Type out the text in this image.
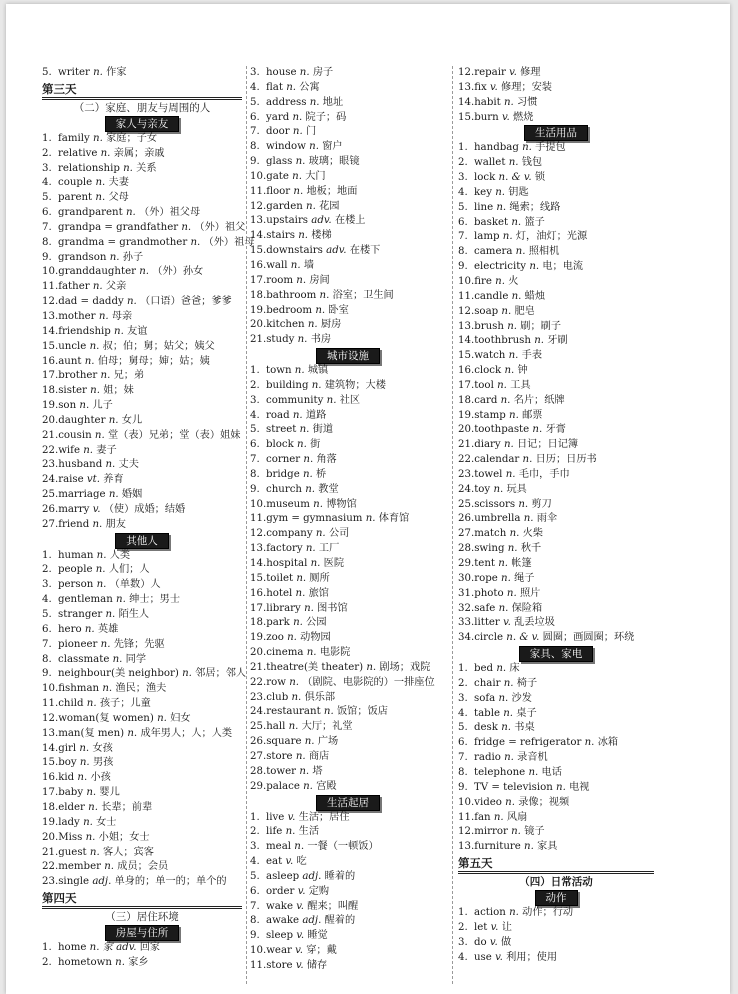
5. writer n. 作家
第三天
（二）家庭、朋友与周围的人
家人与亲友
1. family n. 家庭；子女
2. relative n. 亲属；亲戚
3. relationship n. 关系
4. couple n. 夫妻
5. parent n. 父母
6. grandparent n. （外）祖父母
7. grandpa = grandfather n. （外）祖父
8. grandma = grandmother n. （外）祖母
9. grandson n. 孙子
10.granddaughter n. （外）孙女
11.father n. 父亲
12.dad = daddy n. （口语）爸爸；爹爹
13.mother n. 母亲
14.friendship n. 友谊
15.uncle n. 叔；伯；舅；姑父；姨父
16.aunt n. 伯母；舅母；婶；姑；姨
17.brother n. 兄；弟
18.sister n. 姐；妹
19.son n. 儿子
20.daughter n. 女儿
21.cousin n. 堂（表）兄弟；堂（表）姐妹
22.wife n. 妻子
23.husband n. 丈夫
24.raise vt. 养育
25.marriage n. 婚姻
26.marry v. （使）成婚；结婚
27.friend n. 朋友
其他人
1. human n. 人类
2. people n. 人们；人
3. person n. （单数）人
4. gentleman n. 绅士；男士
5. stranger n. 陌生人
6. hero n. 英雄
7. pioneer n. 先锋；先驱
8. classmate n. 同学
9. neighbour(美 neighbor) n. 邻居；邻人
10.fishman n. 渔民；渔夫
11.child n. 孩子；儿童
12.woman(复 women) n. 妇女
13.man(复 men) n. 成年男人；人；人类
14.girl n. 女孩
15.boy n. 男孩
16.kid n. 小孩
17.baby n. 婴儿
18.elder n. 长辈；前辈
19.lady n. 女士
20.Miss n. 小姐；女士
21.guest n. 客人；宾客
22.member n. 成员；会员
23.single adj. 单身的；单一的；单个的
第四天
（三）居住环境
房屋与住所
1. home n. 家 adv. 回家
2. hometown n. 家乡
3. house n. 房子
4. flat n. 公寓
5. address n. 地址
6. yard n. 院子；码
7. door n. 门
8. window n. 窗户
9. glass n. 玻璃；眼镜
10.gate n. 大门
11.floor n. 地板；地面
12.garden n. 花园
13.upstairs adv. 在楼上
14.stairs n. 楼梯
15.downstairs adv. 在楼下
16.wall n. 墙
17.room n. 房间
18.bathroom n. 浴室；卫生间
19.bedroom n. 卧室
20.kitchen n. 厨房
21.study n. 书房
城市设施
1. town n. 城镇
2. building n. 建筑物；大楼
3. community n. 社区
4. road n. 道路
5. street n. 街道
6. block n. 街
7. corner n. 角落
8. bridge n. 桥
9. church n. 教堂
10.museum n. 博物馆
11.gym = gymnasium n. 体育馆
12.company n. 公司
13.factory n. 工厂
14.hospital n. 医院
15.toilet n. 厕所
16.hotel n. 旅馆
17.library n. 图书馆
18.park n. 公园
19.zoo n. 动物园
20.cinema n. 电影院
21.theatre(美 theater) n. 剧场；戏院
22.row n. （剧院、电影院的）一排座位
23.club n. 俱乐部
24.restaurant n. 饭馆；饭店
25.hall n. 大厅；礼堂
26.square n. 广场
27.store n. 商店
28.tower n. 塔
29.palace n. 宫殿
生活起居
1. live v. 生活；居住
2. life n. 生活
3. meal n. 一餐（一顿饭）
4. eat v. 吃
5. asleep adj. 睡着的
6. order v. 定购
7. wake v. 醒来；叫醒
8. awake adj. 醒着的
9. sleep v. 睡觉
10.wear v. 穿；戴
11.store v. 储存
12.repair v. 修理
13.fix v. 修理；安装
14.habit n. 习惯
15.burn v. 燃烧
生活用品
1. handbag n. 手提包
2. wallet n. 钱包
3. lock n. & v. 锁
4. key n. 钥匙
5. line n. 绳索；线路
6. basket n. 篮子
7. lamp n. 灯，油灯；光源
8. camera n. 照相机
9. electricity n. 电；电流
10.fire n. 火
11.candle n. 蜡烛
12.soap n. 肥皂
13.brush n. 刷；刷子
14.toothbrush n. 牙刷
15.watch n. 手表
16.clock n. 钟
17.tool n. 工具
18.card n. 名片；纸牌
19.stamp n. 邮票
20.toothpaste n. 牙膏
21.diary n. 日记；日记簿
22.calendar n. 日历；日历书
23.towel n. 毛巾，手巾
24.toy n. 玩具
25.scissors n. 剪刀
26.umbrella n. 雨伞
27.match n. 火柴
28.swing n. 秋千
29.tent n. 帐篷
30.rope n. 绳子
31.photo n. 照片
32.safe n. 保险箱
33.litter v. 乱丢垃圾
34.circle n. & v. 圆圈；画圆圈；环绕
家具、家电
1. bed n. 床
2. chair n. 椅子
3. sofa n. 沙发
4. table n. 桌子
5. desk n. 书桌
6. fridge = refrigerator n. 冰箱
7. radio n. 录音机
8. telephone n. 电话
9. TV = television n. 电视
10.video n. 录像；视频
11.fan n. 风扇
12.mirror n. 镜子
13.furniture n. 家具
第五天
（四）日常活动
动作
1. action n. 动作；行动
2. let v. 让
3. do v. 做
4. use v. 利用；使用
